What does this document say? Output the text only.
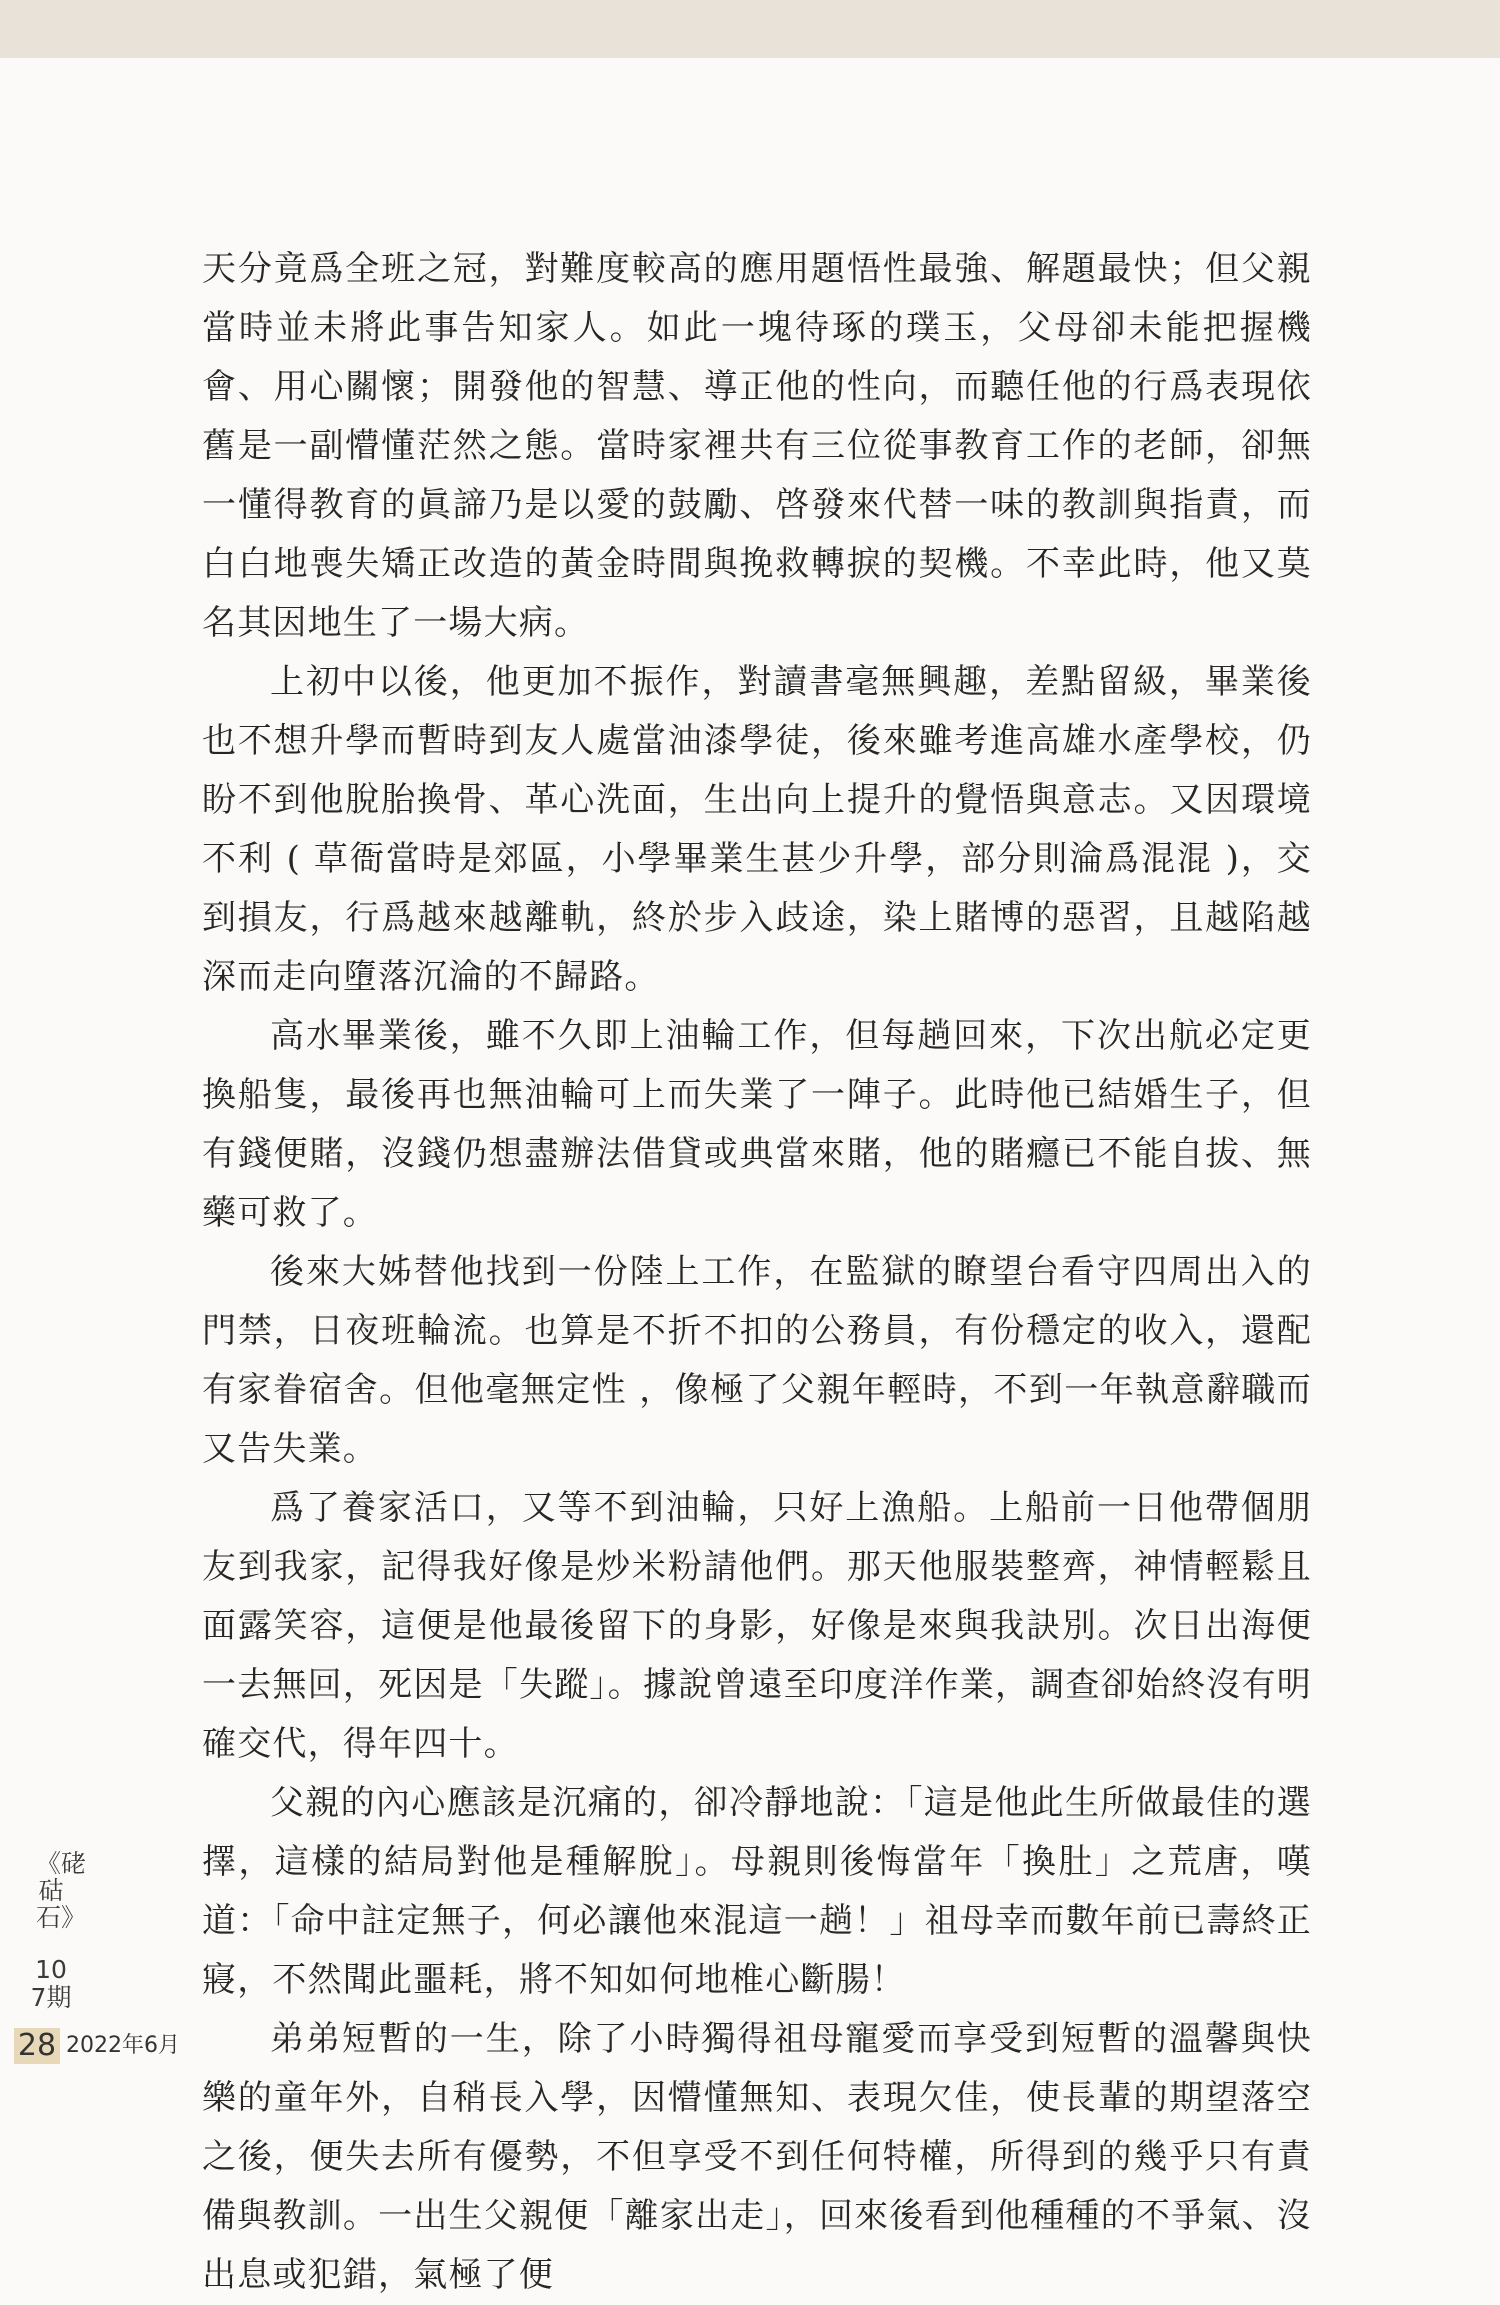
天分竟爲全班之冠，對難度較高的應用題悟性最強、解題最快；但父親當時並未將此事告知家人。如此一塊待琢的璞玉，父母卻未能把握機會、用心關懷；開發他的智慧、導正他的性向，而聽任他的行爲表現依舊是一副懵懂茫然之態。當時家裡共有三位從事教育工作的老師，卻無一懂得教育的眞諦乃是以愛的鼓勵、啓發來代替一味的教訓與指責，而白白地喪失矯正改造的黃金時間與挽救轉捩的契機。不幸此時，他又莫名其因地生了一場大病。

上初中以後，他更加不振作，對讀書毫無興趣，差點留級，畢業後也不想升學而暫時到友人處當油漆學徒，後來雖考進高雄水產學校，仍盼不到他脫胎換骨、革心洗面，生出向上提升的覺悟與意志。又因環境不利 ( 草衙當時是郊區，小學畢業生甚少升學，部分則淪爲混混 )，交到損友，行爲越來越離軌，終於步入歧途，染上賭博的惡習，且越陷越深而走向墮落沉淪的不歸路。

高水畢業後，雖不久即上油輪工作，但每趟回來，下次出航必定更換船隻，最後再也無油輪可上而失業了一陣子。此時他已結婚生子，但有錢便賭，沒錢仍想盡辦法借貸或典當來賭，他的賭癮已不能自拔、無藥可救了。

後來大姊替他找到一份陸上工作，在監獄的瞭望台看守四周出入的門禁，日夜班輪流。也算是不折不扣的公務員，有份穩定的收入，還配有家眷宿舍。但他毫無定性 ，像極了父親年輕時，不到一年執意辭職而又告失業。

爲了養家活口，又等不到油輪，只好上漁船。上船前一日他帶個朋友到我家，記得我好像是炒米粉請他們。那天他服裝整齊，神情輕鬆且面露笑容，這便是他最後留下的身影，好像是來與我訣別。次日出海便一去無回，死因是「失蹤」。據說曾遠至印度洋作業，調查卻始終沒有明確交代，得年四十。

父親的內心應該是沉痛的，卻冷靜地說：「這是他此生所做最佳的選擇，這樣的結局對他是種解脫」。母親則後悔當年「換肚」之荒唐，嘆道：「命中註定無子，何必讓他來混這一趟！」祖母幸而數年前已壽終正寢，不然聞此噩耗，將不知如何地椎心斷腸！

弟弟短暫的一生，除了小時獨得祖母寵愛而享受到短暫的溫馨與快樂的童年外，自稍長入學，因懵懂無知、表現欠佳，使長輩的期望落空之後，便失去所有優勢，不但享受不到任何特權，所得到的幾乎只有責備與教訓。一出生父親便「離家出走」，回來後看到他種種的不爭氣、沒出息或犯錯，氣極了便

《硓𥑮石》
107期
28 2022年6月
